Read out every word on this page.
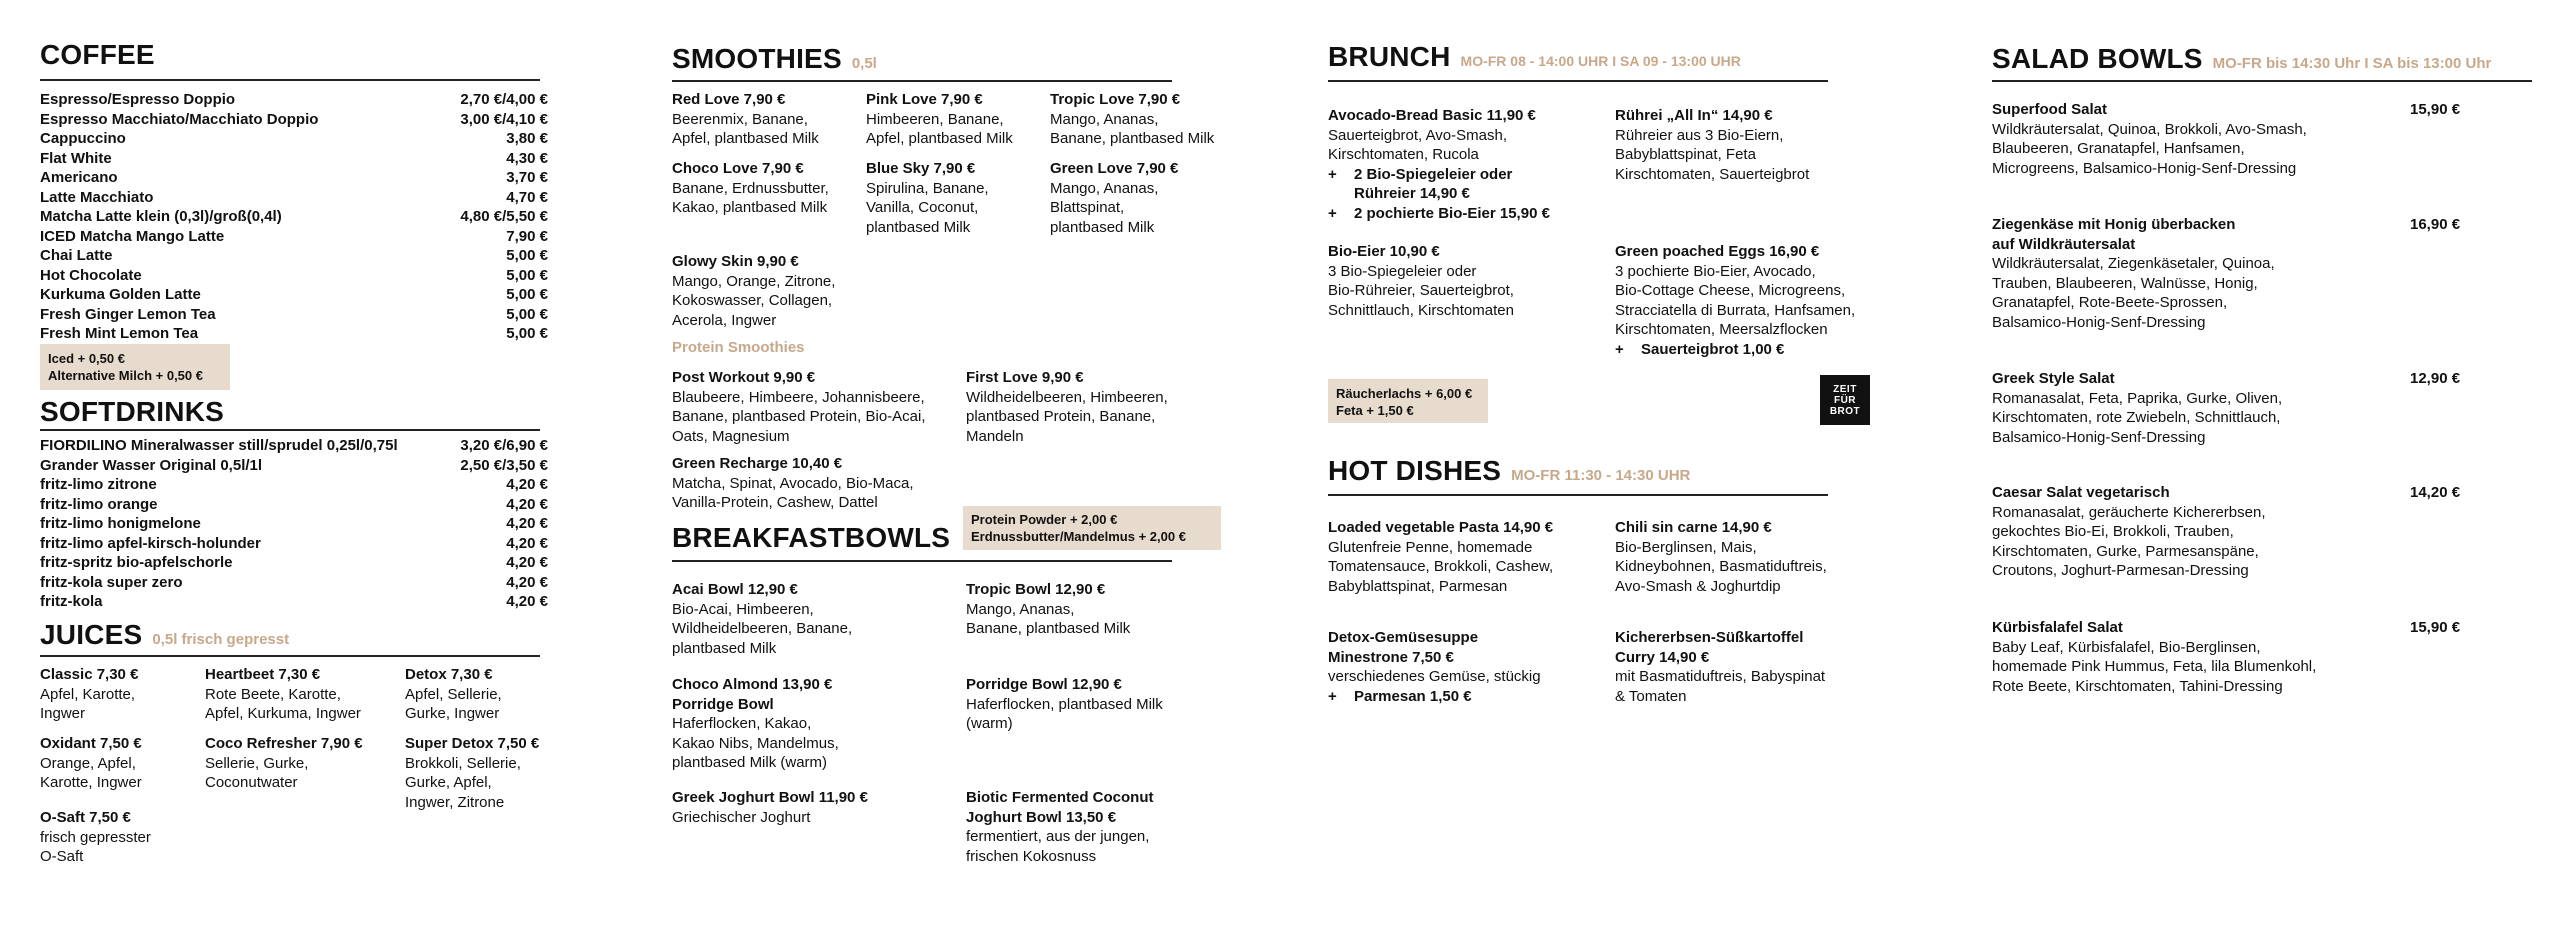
COFFEE
Espresso/Espresso Doppio	2,70 €/4,00 €
Espresso Macchiato/Macchiato Doppio	3,00 €/4,10 €
Cappuccino	3,80 €
Flat White	4,30 €
Americano	3,70 €
Latte Macchiato	4,70 €
Matcha Latte klein (0,3l)/groß(0,4l)	4,80 €/5,50 €
ICED Matcha Mango Latte	7,90 €
Chai Latte	5,00 €
Hot Chocolate	5,00 €
Kurkuma Golden Latte	5,00 €
Fresh Ginger Lemon Tea	5,00 €
Fresh Mint Lemon Tea	5,00 €
Iced + 0,50 €
Alternative Milch + 0,50 €
SOFTDRINKS
FIORDILINO Mineralwasser still/sprudel 0,25l/0,75l	3,20 €/6,90 €
Grander Wasser Original 0,5l/1l	2,50 €/3,50 €
fritz-limo zitrone	4,20 €
fritz-limo orange	4,20 €
fritz-limo honigmelone	4,20 €
fritz-limo apfel-kirsch-holunder	4,20 €
fritz-spritz bio-apfelschorle	4,20 €
fritz-kola super zero	4,20 €
fritz-kola	4,20 €
JUICES 0,5l frisch gepresst
Classic 7,30 €
Apfel, Karotte,
Ingwer
Heartbeet 7,30 €
Rote Beete, Karotte,
Apfel, Kurkuma, Ingwer
Detox 7,30 €
Apfel, Sellerie,
Gurke, Ingwer
Oxidant 7,50 €
Orange, Apfel,
Karotte, Ingwer
Coco Refresher 7,90 €
Sellerie, Gurke,
Coconutwater
Super Detox 7,50 €
Brokkoli, Sellerie,
Gurke, Apfel,
Ingwer, Zitrone
O-Saft 7,50 €
frisch gepresster
O-Saft
SMOOTHIES 0,5l
Red Love 7,90 €
Beerenmix, Banane,
Apfel, plantbased Milk
Pink Love 7,90 €
Himbeeren, Banane,
Apfel, plantbased Milk
Tropic Love 7,90 €
Mango, Ananas,
Banane, plantbased Milk
Choco Love 7,90 €
Banane, Erdnussbutter,
Kakao, plantbased Milk
Blue Sky 7,90 €
Spirulina, Banane,
Vanilla, Coconut,
plantbased Milk
Green Love 7,90 €
Mango, Ananas,
Blattspinat,
plantbased Milk
Glowy Skin 9,90 €
Mango, Orange, Zitrone,
Kokoswasser, Collagen,
Acerola, Ingwer
Protein Smoothies
Post Workout 9,90 €
Blaubeere, Himbeere, Johannisbeere,
Banane, plantbased Protein, Bio-Acai,
Oats, Magnesium
First Love 9,90 €
Wildheidelbeeren, Himbeeren,
plantbased Protein, Banane,
Mandeln
Green Recharge 10,40 €
Matcha, Spinat, Avocado, Bio-Maca,
Vanilla-Protein, Cashew, Dattel
Protein Powder + 2,00 €
Erdnussbutter/Mandelmus + 2,00 €
BREAKFASTBOWLS
Acai Bowl 12,90 €
Bio-Acai, Himbeeren,
Wildheidelbeeren, Banane,
plantbased Milk
Tropic Bowl 12,90 €
Mango, Ananas,
Banane, plantbased Milk
Choco Almond 13,90 €
Porridge Bowl
Haferflocken, Kakao,
Kakao Nibs, Mandelmus,
plantbased Milk (warm)
Porridge Bowl 12,90 €
Haferflocken, plantbased Milk
(warm)
Greek Joghurt Bowl 11,90 €
Griechischer Joghurt
Biotic Fermented Coconut
Joghurt Bowl 13,50 €
fermentiert, aus der jungen,
frischen Kokosnuss
BRUNCH MO-FR 08 - 14:00 UHR I SA 09 - 13:00 UHR
Avocado-Bread Basic 11,90 €
Sauerteigbrot, Avo-Smash,
Kirschtomaten, Rucola
+	2 Bio-Spiegeleier oder
Rühreier 14,90 €
+	2 pochierte Bio-Eier 15,90 €
Rührei „All In“ 14,90 €
Rühreier aus 3 Bio-Eiern,
Babyblattspinat, Feta
Kirschtomaten, Sauerteigbrot
Bio-Eier 10,90 €
3 Bio-Spiegeleier oder
Bio-Rühreier, Sauerteigbrot,
Schnittlauch, Kirschtomaten
Green poached Eggs 16,90 €
3 pochierte Bio-Eier, Avocado,
Bio-Cottage Cheese, Microgreens,
Stracciatella di Burrata, Hanfsamen,
Kirschtomaten, Meersalzflocken
+	Sauerteigbrot 1,00 €
Räucherlachs + 6,00 €
Feta + 1,50 €
ZEIT
FÜR
BROT
HOT DISHES MO-FR 11:30 - 14:30 UHR
Loaded vegetable Pasta 14,90 €
Glutenfreie Penne, homemade
Tomatensauce, Brokkoli, Cashew,
Babyblattspinat, Parmesan
Chili sin carne 14,90 €
Bio-Berglinsen, Mais,
Kidneybohnen, Basmatiduftreis,
Avo-Smash & Joghurtdip
Detox-Gemüsesuppe
Minestrone 7,50 €
verschiedenes Gemüse, stückig
+	Parmesan 1,50 €
Kichererbsen-Süßkartoffel
Curry 14,90 €
mit Basmatiduftreis, Babyspinat
& Tomaten
SALAD BOWLS MO-FR bis 14:30 Uhr I SA bis 13:00 Uhr
Superfood Salat
Wildkräutersalat, Quinoa, Brokkoli, Avo-Smash,
Blaubeeren, Granatapfel, Hanfsamen,
Microgreens, Balsamico-Honig-Senf-Dressing
15,90 €
Ziegenkäse mit Honig überbacken
auf Wildkräutersalat
Wildkräutersalat, Ziegenkäsetaler, Quinoa,
Trauben, Blaubeeren, Walnüsse, Honig,
Granatapfel, Rote-Beete-Sprossen,
Balsamico-Honig-Senf-Dressing
16,90 €
Greek Style Salat
Romanasalat, Feta, Paprika, Gurke, Oliven,
Kirschtomaten, rote Zwiebeln, Schnittlauch,
Balsamico-Honig-Senf-Dressing
12,90 €
Caesar Salat vegetarisch
Romanasalat, geräucherte Kichererbsen,
gekochtes Bio-Ei, Brokkoli, Trauben,
Kirschtomaten, Gurke, Parmesanspäne,
Croutons, Joghurt-Parmesan-Dressing
14,20 €
Kürbisfalafel Salat
Baby Leaf, Kürbisfalafel, Bio-Berglinsen,
homemade Pink Hummus, Feta, lila Blumenkohl,
Rote Beete, Kirschtomaten, Tahini-Dressing
15,90 €
